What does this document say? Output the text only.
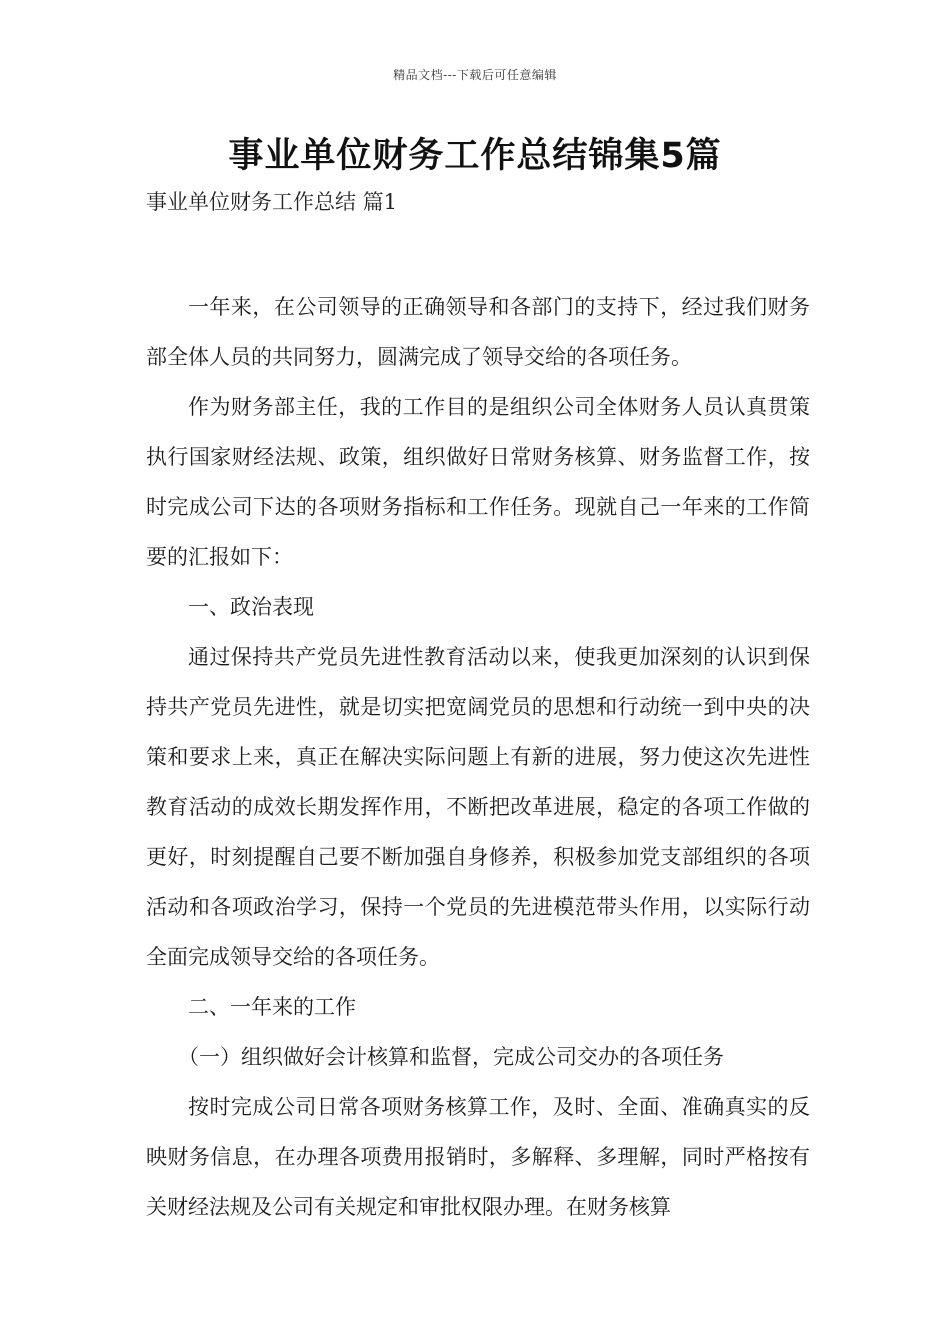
精品文档---下载后可任意编辑
事业单位财务工作总结锦集5篇

事业单位财务工作总结 篇1

一年来，在公司领导的正确领导和各部门的支持下，经过我们财务部全体人员的共同努力，圆满完成了领导交给的各项任务。

作为财务部主任，我的工作目的是组织公司全体财务人员认真贯策执行国家财经法规、政策，组织做好日常财务核算、财务监督工作，按时完成公司下达的各项财务指标和工作任务。现就自己一年来的工作简要的汇报如下：

一、政治表现

通过保持共产党员先进性教育活动以来，使我更加深刻的认识到保持共产党员先进性，就是切实把宽阔党员的思想和行动统一到中央的决策和要求上来，真正在解决实际问题上有新的进展，努力使这次先进性教育活动的成效长期发挥作用，不断把改革进展，稳定的各项工作做的更好，时刻提醒自己要不断加强自身修养，积极参加党支部组织的各项活动和各项政治学习，保持一个党员的先进模范带头作用，以实际行动全面完成领导交给的各项任务。

二、一年来的工作

（一）组织做好会计核算和监督，完成公司交办的各项任务

按时完成公司日常各项财务核算工作，及时、全面、准确真实的反映财务信息，在办理各项费用报销时，多解释、多理解，同时严格按有关财经法规及公司有关规定和审批权限办理。在财务核算
